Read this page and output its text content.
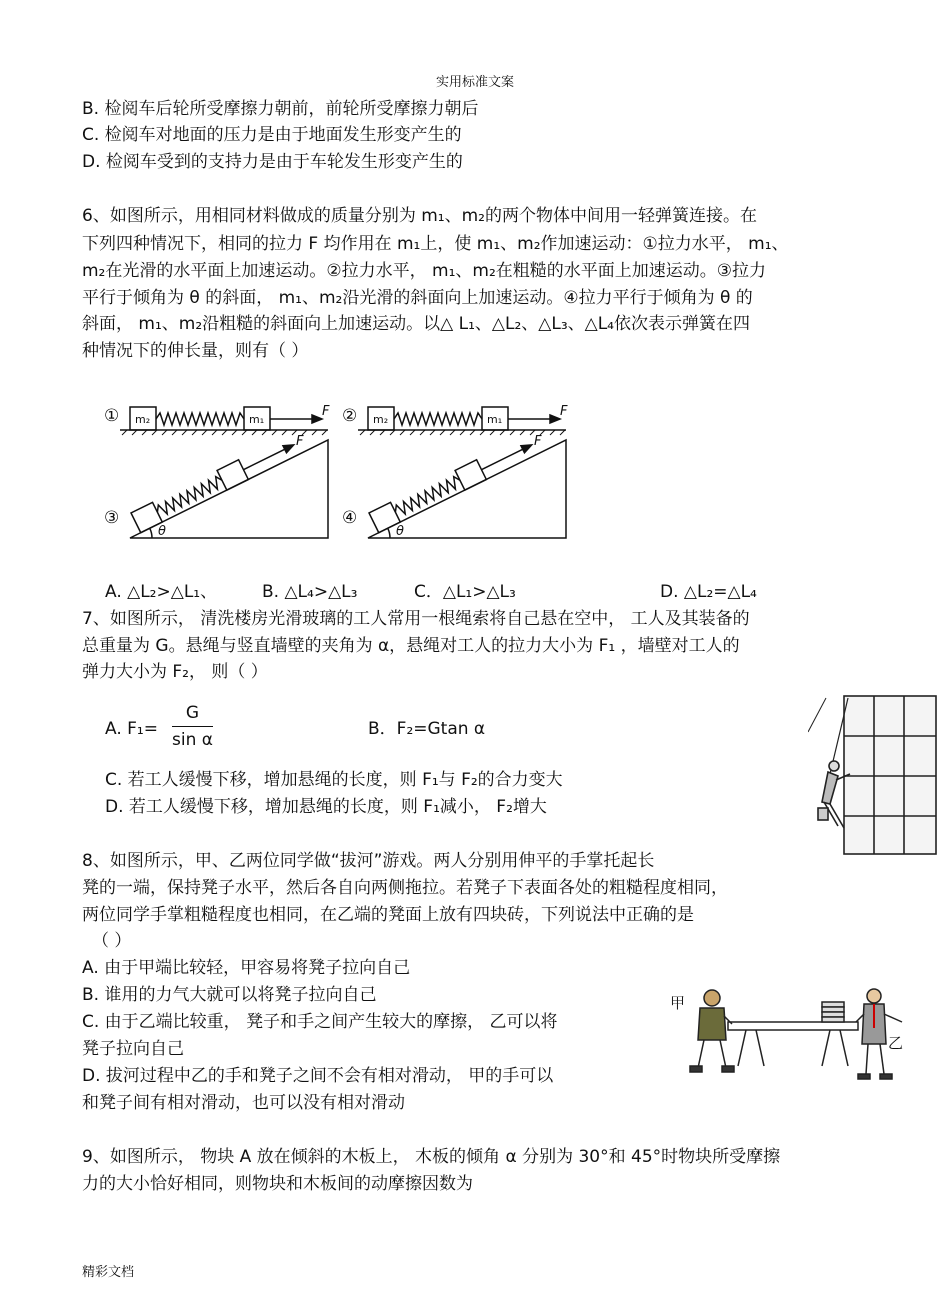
实用标准文案
B. 检阅车后轮所受摩擦力朝前，前轮所受摩擦力朝后
C. 检阅车对地面的压力是由于地面发生形变产生的
D. 检阅车受到的支持力是由于车轮发生形变产生的
6、如图所示，用相同材料做成的质量分别为 m₁、m₂的两个物体中间用一轻弹簧连接。在
下列四种情况下，相同的拉力 F 均作用在 m₁上，使 m₁、m₂作加速运动：①拉力水平， m₁、
m₂在光滑的水平面上加速运动。②拉力水平， m₁、m₂在粗糙的水平面上加速运动。③拉力
平行于倾角为 θ 的斜面， m₁、m₂沿光滑的斜面向上加速运动。④拉力平行于倾角为 θ 的
斜面， m₁、m₂沿粗糙的斜面向上加速运动。以△ L₁、△L₂、△L₃、△L₄依次表示弹簧在四
种情况下的伸长量，则有（ ）
①	②
③	④
m₂	m₁
F
m₂	m₁
F
F	F
θ	θ
A. △L₂>△L₁、	B. △L₄>△L₃	C．△L₁>△L₃	D. △L₂=△L₄
7、如图所示， 清洗楼房光滑玻璃的工人常用一根绳索将自己悬在空中， 工人及其装备的
总重量为 G。悬绳与竖直墙壁的夹角为 α，悬绳对工人的拉力大小为 F₁ ，墙壁对工人的
弹力大小为 F₂， 则（ ）
A. $F_1= \frac{G}{\text{sin α}}$	B．F₂=Gtan α
C. 若工人缓慢下移，增加悬绳的长度，则 F₁与 F₂的合力变大
D. 若工人缓慢下移，增加悬绳的长度，则 F₁减小， F₂增大
8、如图所示，甲、乙两位同学做“拔河”游戏。两人分别用伸平的手掌托起长
凳的一端，保持凳子水平，然后各自向两侧拖拉。若凳子下表面各处的粗糙程度相同，
两位同学手掌粗糙程度也相同，在乙端的凳面上放有四块砖，下列说法中正确的是
（ ）
A. 由于甲端比较轻，甲容易将凳子拉向自己
B. 谁用的力气大就可以将凳子拉向自己
C. 由于乙端比较重， 凳子和手之间产生较大的摩擦， 乙可以将
凳子拉向自己
D. 拔河过程中乙的手和凳子之间不会有相对滑动， 甲的手可以
和凳子间有相对滑动，也可以没有相对滑动
甲
乙
9、如图所示， 物块 A 放在倾斜的木板上， 木板的倾角 α 分别为 30°和 45°时物块所受摩擦
力的大小恰好相同，则物块和木板间的动摩擦因数为
精彩文档
